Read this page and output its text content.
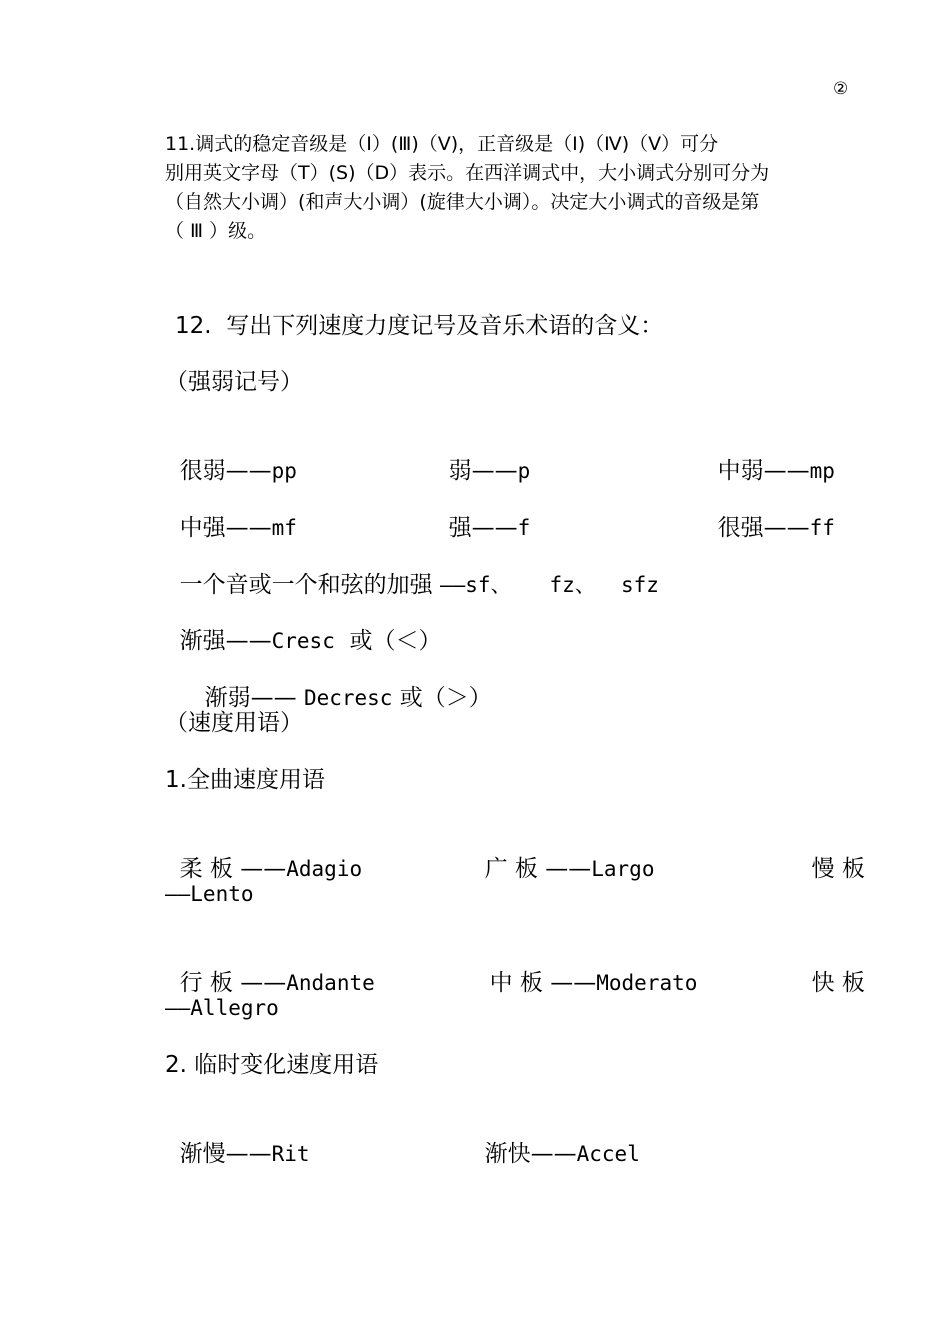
②
11.调式的稳定音级是（Ⅰ）(Ⅲ)（Ⅴ)，正音级是（Ⅰ)（Ⅳ)（Ⅴ）可分
别用英文字母（T）(S)（D）表示。在西洋调式中，大小调式分别可分为
（自然大小调）(和声大小调）(旋律大小调）。决定大小调式的音级是第
（ Ⅲ ）级。
12.  写出下列速度力度记号及音乐术语的含义：
（强弱记号）

很弱——pp	弱——p	中弱——mp

中强——mf	强——f	很强——ff

一个音或一个和弦的加强 ——sf、   fz、  sfz

渐强——Cresc  或（＜）

渐弱—— Decresc 或（＞）

（速度用语）
1.全曲速度用语

柔 板 ——Adagio	广 板 ——Largo	慢 板

——Lento

行 板 ——Andante	中 板 ——Moderato	快 板

——Allegro
2. 临时变化速度用语

渐慢——Rit	渐快——Accel
